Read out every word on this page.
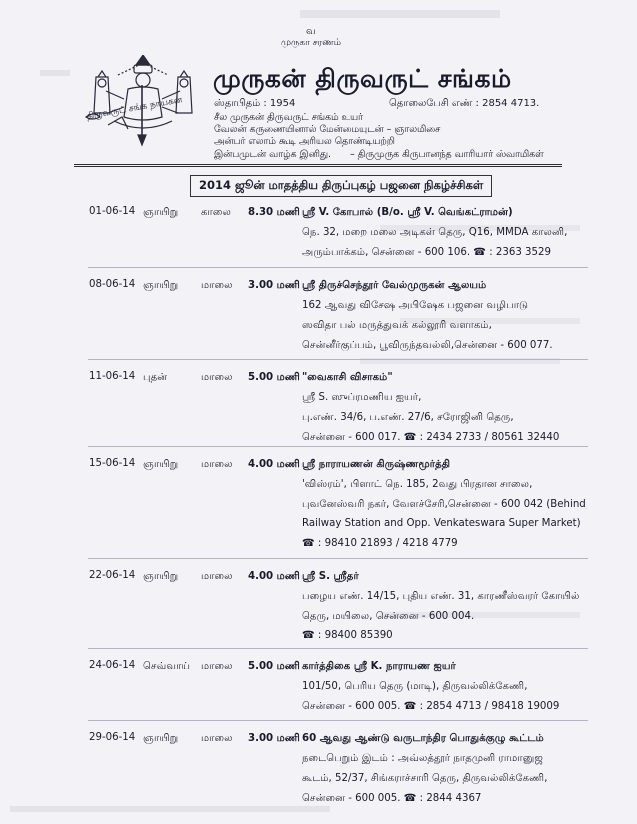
திருவருட் சங்க நாயகன்
வ
முருகா சரணம்
முருகன் திருவருட் சங்கம்
ஸ்தாபிதம் : 1954	தொலைபேசி எண் : 2854 4713.
சீல முருகன் திருவருட் சங்கம் உயர்
வேலன் கருணையினால் மேன்மையுடன் – ஞாலமிசை
அன்பர் எலாம் கூடி அரியல தொண்டியற்றி
இன்பமுடன் வாழ்க இனிது. – திருமுருக கிருபானந்த வாரியார் ஸ்வாமிகள்
2014 ஜூன் மாதத்திய திருப்புகழ் பஜனை நிகழ்ச்சிகள்
01-06-14 ஞாயிறு காலை 8.30 மணி ஸ்ரீ V. கோபால் (B/o. ஸ்ரீ V. வெங்கட்ராமன்)
நெ. 32, மறை மலை அடிகள் தெரு, Q16, MMDA காலனி,
அரும்பாக்கம், சென்னை - 600 106. ☎ : 2363 3529
08-06-14 ஞாயிறு மாலை 3.00 மணி ஸ்ரீ திருச்செந்தூர் வேல்முருகன் ஆலயம்
162 ஆவது விசேஷ அபிஷேக பஜனை வழிபாடு
ஸவிதா பல் மருத்துவக் கல்லூரி வளாகம்,
சென்னீர்குப்பம், பூவிருந்தவல்லி,சென்னை - 600 077.
11-06-14 புதன்	மாலை 5.00 மணி "வைகாசி விசாகம்"
ஸ்ரீ S. ஸுப்ரமணிய ஐயர்,
பு.எண். 34/6, ப.எண். 27/6, சரோஜினி தெரு,
சென்னை - 600 017. ☎ : 2434 2733 / 80561 32440
15-06-14 ஞாயிறு மாலை 4.00 மணி ஸ்ரீ நாராயணன் கிருஷ்ணமூர்த்தி
'விஸ்ரம்', பிளாட் நெ. 185, 2வது பிரதான சாலை,
புவனேஸ்வரி நகர், வேளச்சேரி,சென்னை - 600 042 (Behind
Railway Station and Opp. Venkateswara Super Market)
☎ : 98410 21893 / 4218 4779
22-06-14 ஞாயிறு மாலை 4.00 மணி ஸ்ரீ S. ஸ்ரீதர்
பழைய எண். 14/15, புதிய எண். 31, காரணீஸ்வரர் கோயில்
தெரு, மயிலை, சென்னை - 600 004.
☎ : 98400 85390
24-06-14 செவ்வாய் மாலை 5.00 மணி கார்த்திகை ஸ்ரீ K. நாராயண ஐயர்
101/50, பெரிய தெரு (மாடி), திருவல்லிக்கேணி,
சென்னை - 600 005. ☎ : 2854 4713 / 98418 19009
29-06-14 ஞாயிறு மாலை 3.00 மணி 60 ஆவது ஆண்டு வருடாந்திர பொதுக்குழு கூட்டம்
நடைபெறும் இடம் : அவ்லத்தூர் நாதமுனி ராமானுஜ
கூடம், 52/37, சிங்கராச்சாரி தெரு, திருவல்லிக்கேணி,
சென்னை - 600 005. ☎ : 2844 4367
